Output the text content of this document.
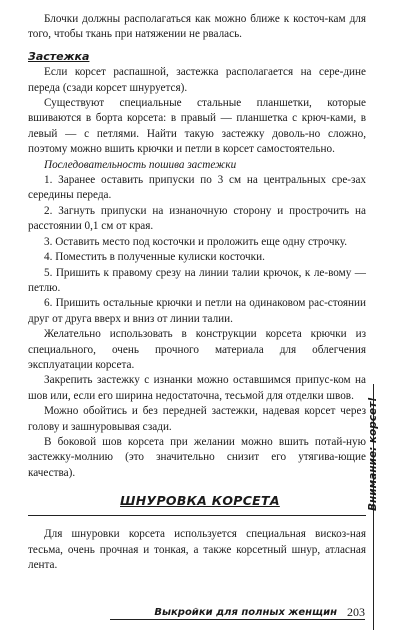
Блочки должны располагаться как можно ближе к косточ-кам для того, чтобы ткань при натяжении не рвалась.

Застежка

Если корсет распашной, застежка располагается на сере-дине переда (сзади корсет шнуруется).

Существуют специальные стальные планшетки, которые вшиваются в борта корсета: в правый — планшетка с крюч-ками, в левый — с петлями. Найти такую застежку доволь-но сложно, поэтому можно вшить крючки и петли в корсет самостоятельно.

Последовательность пошива застежки

1. Заранее оставить припуски по 3 см на центральных сре-зах середины переда.

2. Загнуть припуски на изнаночную сторону и прострочить на расстоянии 0,1 см от края.

3. Оставить место под косточки и проложить еще одну строчку.

4. Поместить в полученные кулиски косточки.

5. Пришить к правому срезу на линии талии крючок, к ле-вому — петлю.

6. Пришить остальные крючки и петли на одинаковом рас-стоянии друг от друга вверх и вниз от линии талии.

Желательно использовать в конструкции корсета крючки из специального, очень прочного материала для облегчения эксплуатации корсета.

Закрепить застежку с изнанки можно оставшимся припус-ком на шов или, если его ширина недостаточна, тесьмой для отделки швов.

Можно обойтись и без передней застежки, надевая корсет через голову и зашнуровывая сзади.

В боковой шов корсета при желании можно вшить потай-ную застежку-молнию (это значительно снизит его утягива-ющие качества).

ШНУРОВКА КОРСЕТА

Для шнуровки корсета используется специальная вискоз-ная тесьма, очень прочная и тонкая, а также корсетный шнур, атласная лента.

Внимание: корсет!
Выкройки для полных женщин 203
